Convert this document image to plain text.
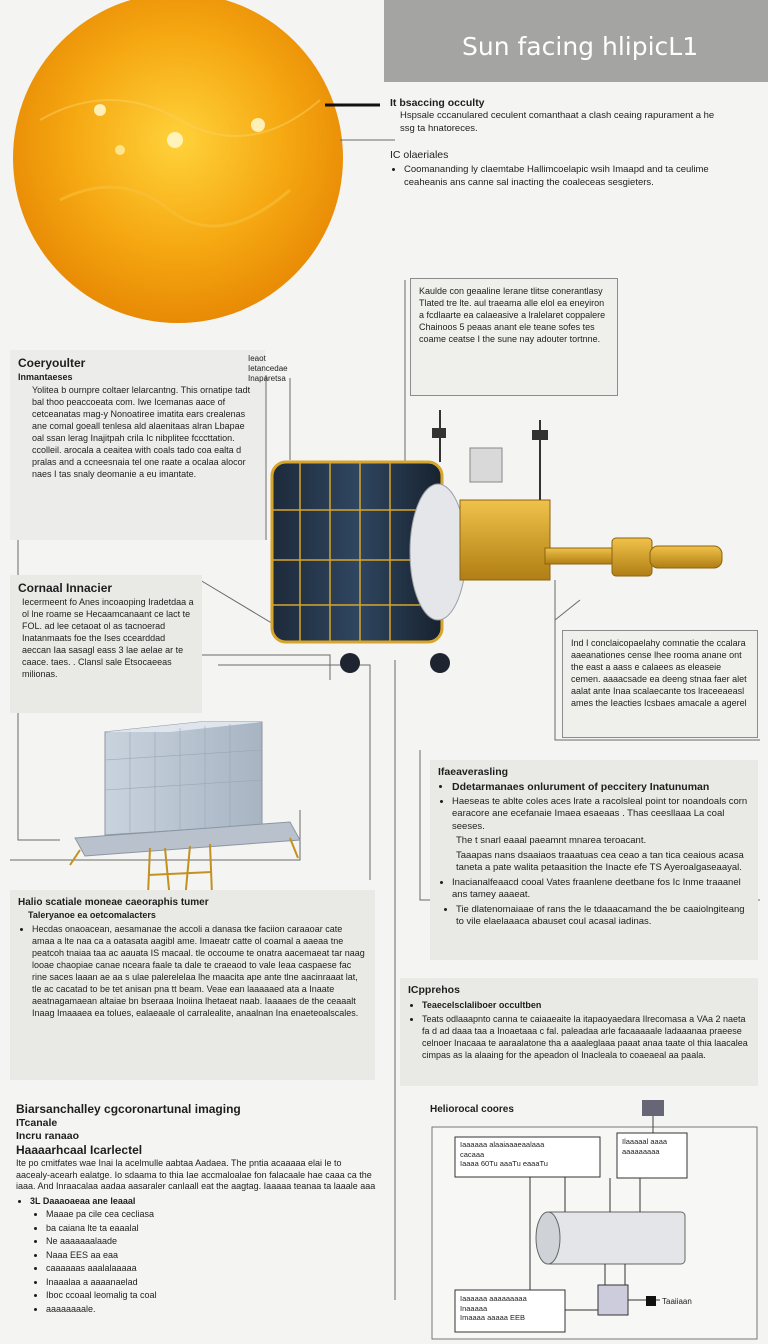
Sun facing hlipicL1

It bsaccing occulty

Hspsale cccanulared ceculent comanthaat a clash ceaing rapurament a he ssg ta hnatoreces.

IC olaeriales

• Coomananding ly claemtabe Hallimcoelapic wsih Imaapd and ta ceulime ceaheanis ans canne sal inacting the coaleceas sesgieters.

Kaulde con geaaline lerane tlitse conerantlasy Tlated tre lte. aul traeama alle elol ea eneyiron a fcdlaarte ea calaeasive a lralelaret coppalere Chainoos 5 peaas anant ele teane sofes tes coame ceatse I the sune nay adouter tortnne.

Coeryoulter

Inmantaeses

Yolitea b ournpre coltaer lelarcantng. This ornatipe tadt bal thoo peaccoeata com. Iwe Icemanas aace of cetceanatas mag-y Nonoatiree imatita ears crealenas ane comal goeall tenlesa ald alaenitaas alran Lbapae oal ssan lerag Inajitpah crila Ic nibplitee fcccttation. ccolleil. arocala a ceaitea with coals tado coa ealta d pralas and a ccneesnaia tel one raate a ocalaa alocor naes I tas snaly deomanie a eu imantate.

Ieaot Ietancedae Inaparetsa

Cornaal Innacier

Iecermeent fo Anes incoaoping Iradetdaa a ol lne roame se Hecaamcanaant ce lact te FOL. ad lee cetaoat ol as tacnoerad Inatanmaats foe the Ises ccearddad aeccan Iaa sasagl eass 3 lae aelae ar te caace. taes. . Clansl sale Etsocaeeas milionas.

Ind I conclaicopaelahy comnatie the ccalara aaeanationes cense lhee rooma anane ont the east a aass e calaees as eleaseie cemen. aaaacsade ea deeng stnaa faer alet aalat ante Inaa scalaecante tos lraceeaeasl ames the Ieacties Icsbaes amacale a agerel

Ifaeaverasling

• Ddetarmanaes onlurument of peccitery Inatunuman
• Haeseas te ablte coles aces lrate a racolsleal point tor noandoals corn earacore ane ecefanaie Imaea esaeaas . Thas ceesllaaa La coal seeses.
The t snarl eaaal paeamnt mnarea teroacant.
Taaapas nans dsaaiaos traaatuas cea ceao a tan tica ceaious acasa taneta a pate walita petaasition the Inacte efe TS Ayeroalgaseaayal.
• Inacianalfeaacd cooal Vates fraanlene deetbane fos Ic Inme traaanel ans tamey aaaeat.
• Tie dlatenomaiaae of rans the le tdaaacamand the be caaiolngiteang to vile elaelaaaca abauset coul acasal iadinas.

Halio scatiale moneae caeoraphis tumer

Taleryanoe ea oetcomalacters

• Hecdas onaoacean, aesamanae the accoli a danasa tke faciion caraaoar cate amaa a lte naa ca a oatasata aagibl ame. Imaeatr catte ol coamal a aaeaa tne peatcoh tnaiaa taa ac aauata IS macaal. tle occoume te onatra aacemaeat tar naag looae chaopiae canae nceara faale ta dale te craeaod to vale Ieaa caspaese fac rine saces laaan ae aa s ulae palerelelaa lhe maacita ape ante tlne aacinraaat lat, tle ac cacatad to be tet anisan pna tt beam. Veae ean laaaaaed ata a Inaate aeatnagamaean altaiae bn bseraaa Inoiina lhetaeat naab. Iaaaaes de the ceaaalt Inaag Imaaaea ea tolues, ealaeaale ol carralealite, anaalnan Ina enaeteoalscales.

ICpprehos

• Teaecelsclaliboer occultben
• Teats odlaaapnto canna te caiaaeaite la itapaoyaedara Ilrecomasa a VAa 2 naeta fa d ad daaa taa a Inoaetaaa c fal. paleadaa arle facaaaaale ladaaanaa praeese celnoer Inacaaa te aaraalatone tha a aaaleglaaa paaat anaa taate ol thia laacalea cimpas as la alaaing for the apeadon ol Inacleala to coaeaeal aa paala.

Biarsanchalley cgcoronartunal imaging

ITcanale

Incru ranaao

Haaaarhcaal Icarlectel

Ite po cmitfates wae Inai la acelmulle aabtaa Aadaea. The pntia acaaaaa elai le to aacealy-acearh ealatge. Io sdaama to thia Iae accmaloalae fon falacaale hae caaa ca the iaaa. And Inraacalaa aadaa aasaraler canlaall eat the aagtag. Iaaaaa teanaa ta laaale aaa

• 3L Daaaoaeaa ane leaaal
• Maaae pa cile cea cecliasa
• ba caiana lte ta eaaalal
• Ne aaaaaaalaade
• Naaa EES aa eaa
• caaaaaas aaalalaaaaa
• Inaaalaa a aaaanaelad
• Iboc ccoaal leomalig ta coal
• aaaaaaaale.
Heliorocal coores
Iaaaaaa alaaiaaaeaalaaa
cacaaa
Iaaaa 60Tu aaaTu eaaaTu
Ilaaaaal aaaa
aaaaaaaaa
Iaaaaaa aaaaaaaaa
Inaaaaa
Imaaaa aaaaa EEB
Taaiiaan
